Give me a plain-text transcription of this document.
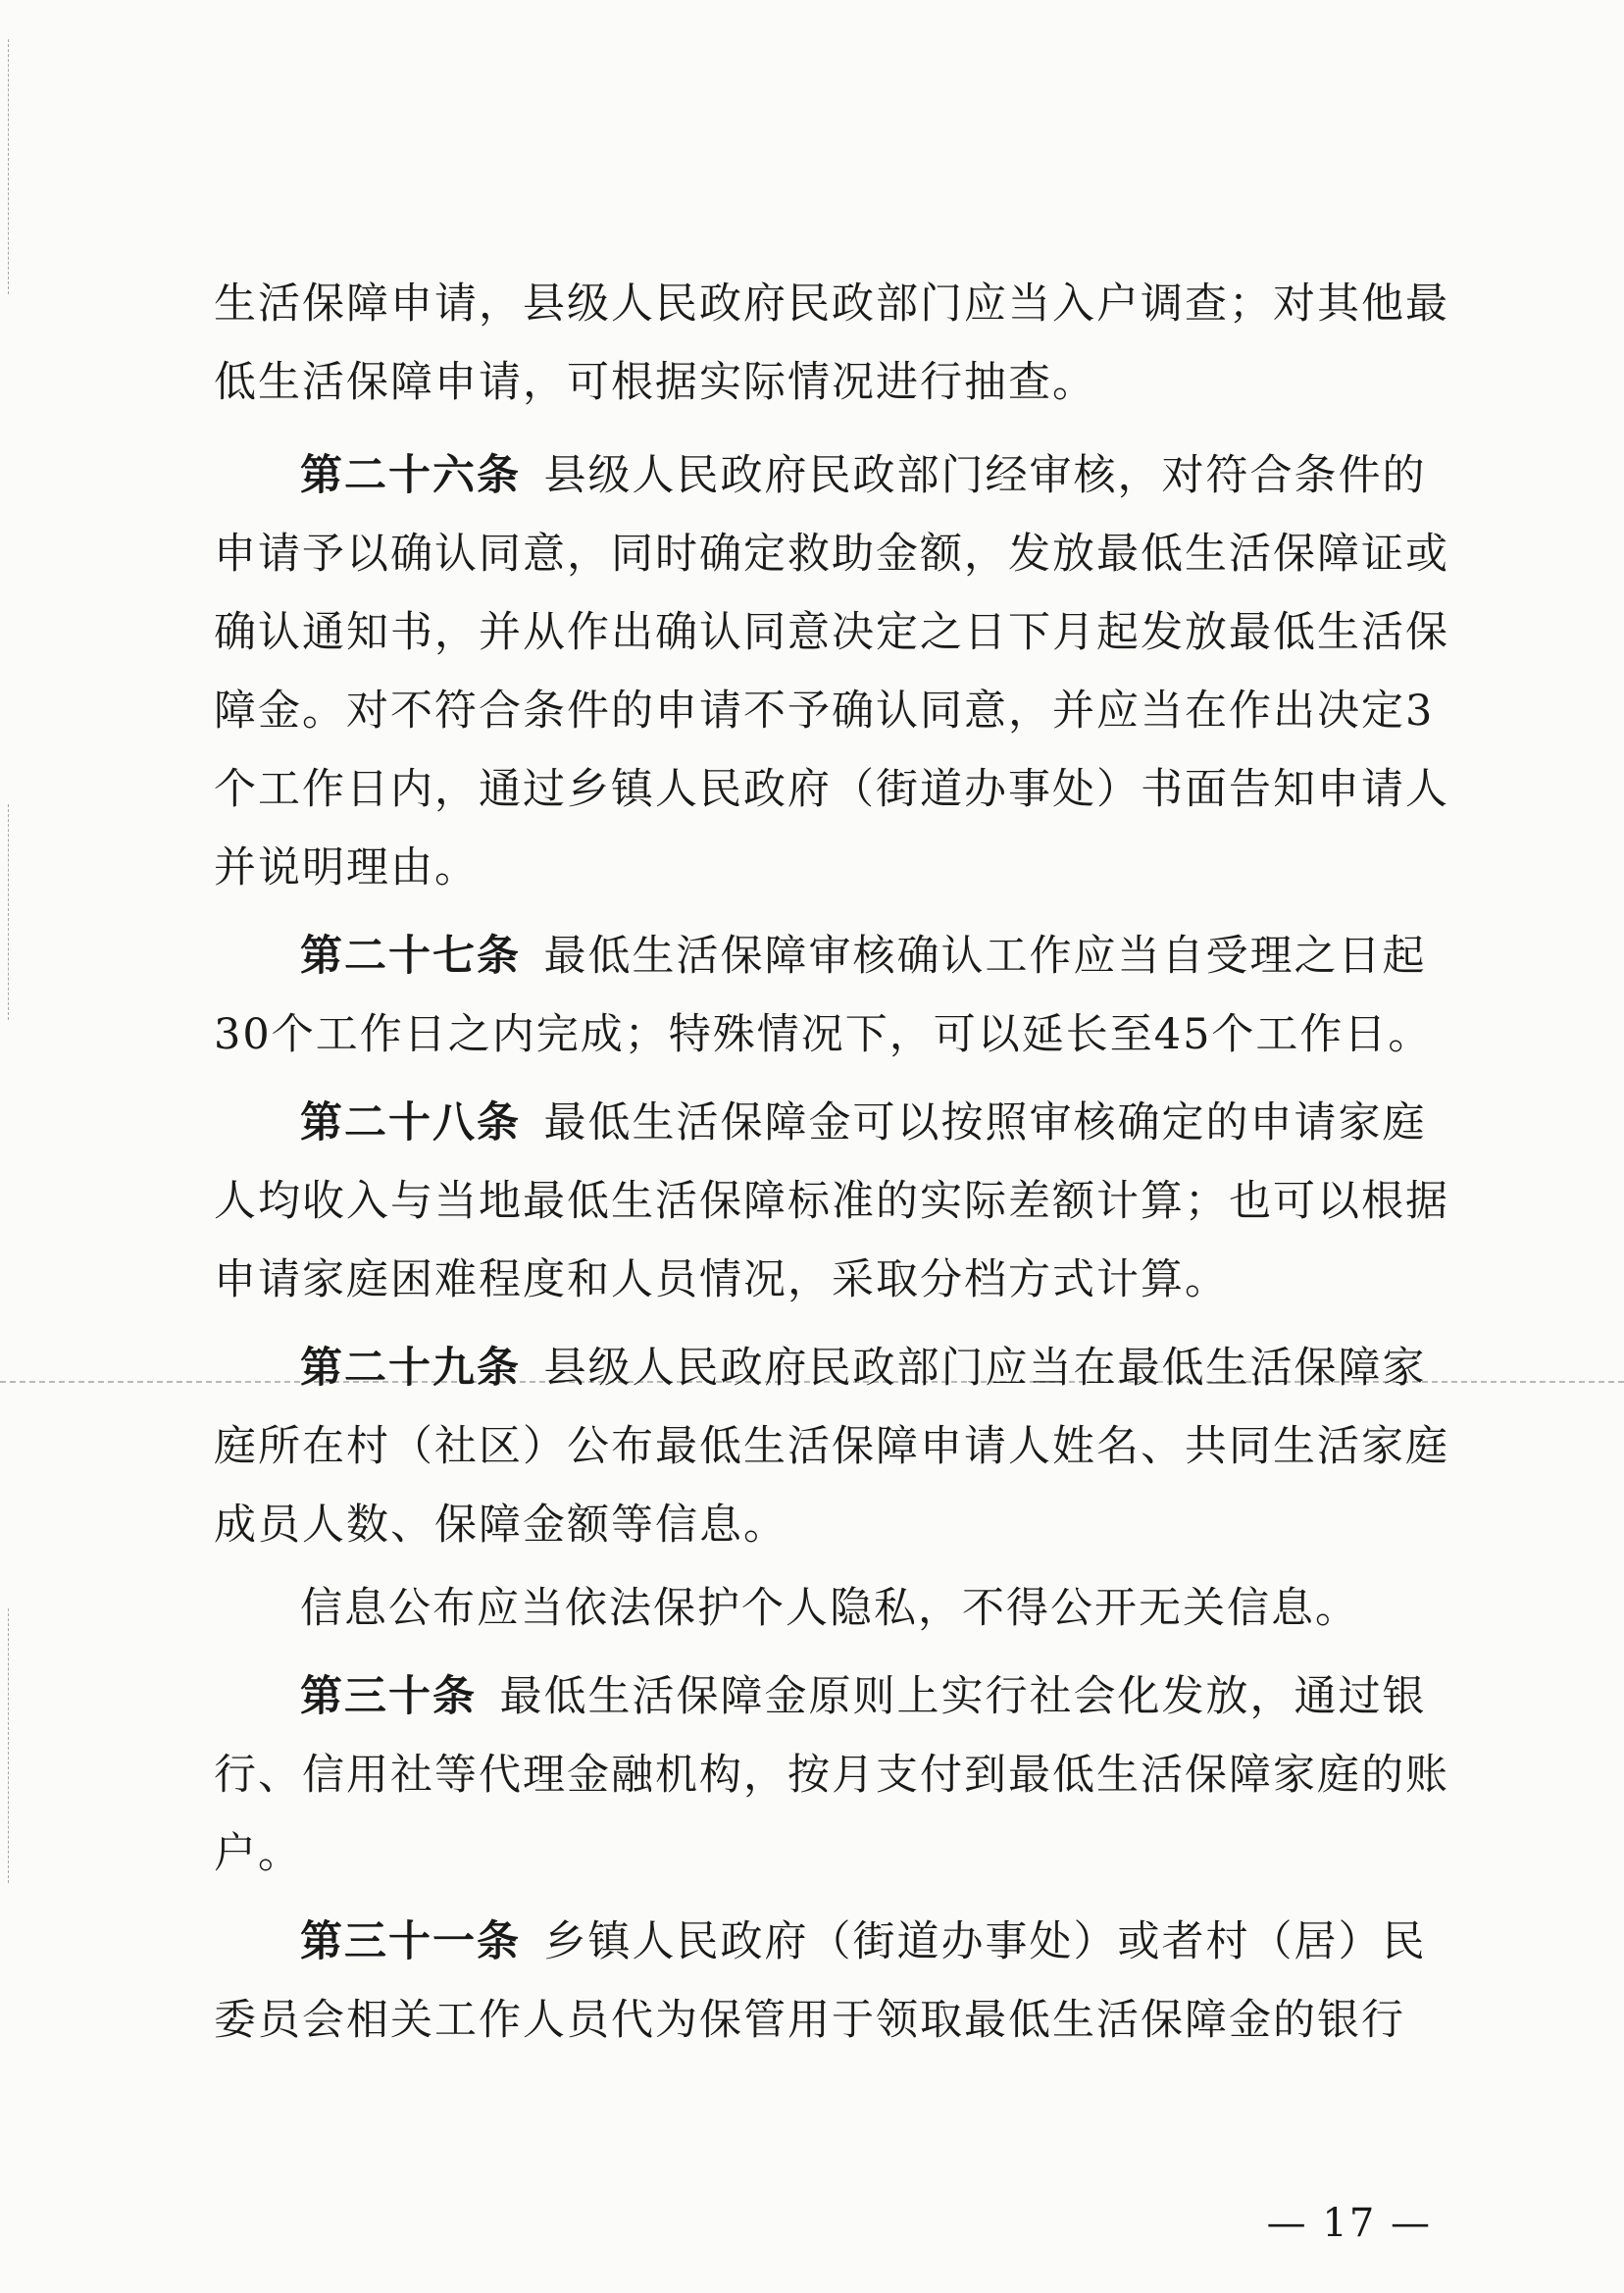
生活保障申请，县级人民政府民政部门应当入户调查；对其他最
低生活保障申请，可根据实际情况进行抽查。
第二十六条  县级人民政府民政部门经审核，对符合条件的
申请予以确认同意，同时确定救助金额，发放最低生活保障证或
确认通知书，并从作出确认同意决定之日下月起发放最低生活保
障金。对不符合条件的申请不予确认同意，并应当在作出决定3
个工作日内，通过乡镇人民政府（街道办事处）书面告知申请人
并说明理由。
第二十七条  最低生活保障审核确认工作应当自受理之日起
30个工作日之内完成；特殊情况下，可以延长至45个工作日。
第二十八条  最低生活保障金可以按照审核确定的申请家庭
人均收入与当地最低生活保障标准的实际差额计算；也可以根据
申请家庭困难程度和人员情况，采取分档方式计算。
第二十九条  县级人民政府民政部门应当在最低生活保障家
庭所在村（社区）公布最低生活保障申请人姓名、共同生活家庭
成员人数、保障金额等信息。
信息公布应当依法保护个人隐私，不得公开无关信息。
第三十条  最低生活保障金原则上实行社会化发放，通过银
行、信用社等代理金融机构，按月支付到最低生活保障家庭的账
户。
第三十一条  乡镇人民政府（街道办事处）或者村（居）民
委员会相关工作人员代为保管用于领取最低生活保障金的银行
— 17 —
